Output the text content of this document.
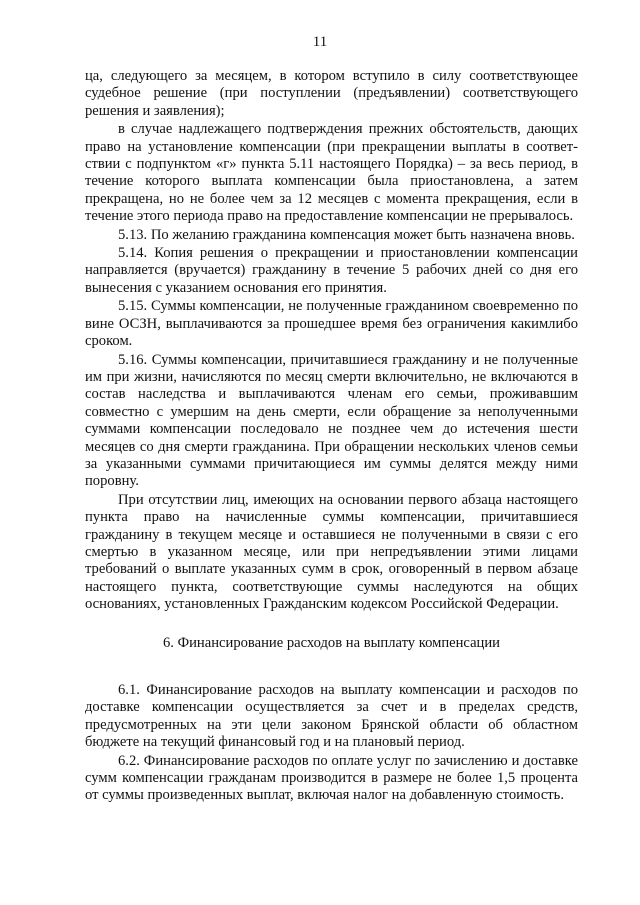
11

ца, следующего за месяцем, в котором вступило в силу соответствующее судебное решение (при поступлении (предъявлении) соответствующего решения и заявления);

в случае надлежащего подтверждения прежних обстоятельств, дающих право на установление компенсации (при прекращении выплаты в соответствии с подпунктом «г» пункта 5.11 настоящего Порядка) – за весь период, в течение которого выплата компенсации была приостановлена, а затем прекращена, но не более чем за 12 месяцев с момента прекращения, если в течение этого периода право на предоставление компенсации не прерывалось.

5.13. По желанию гражданина компенсация может быть назначена вновь.

5.14. Копия решения о прекращении и приостановлении компенсации направляется (вручается) гражданину в течение 5 рабочих дней со дня его вынесения с указанием основания его принятия.

5.15. Суммы компенсации, не полученные гражданином своевременно по вине ОСЗН, выплачиваются за прошедшее время без ограничения какимлибо сроком.

5.16. Суммы компенсации, причитавшиеся гражданину и не полученные им при жизни, начисляются по месяц смерти включительно, не включаются в состав наследства и выплачиваются членам его семьи, проживавшим совместно с умершим на день смерти, если обращение за неполученными суммами компенсации последовало не позднее чем до истечения шести месяцев со дня смерти гражданина. При обращении нескольких членов семьи за указанными суммами причитающиеся им суммы делятся между ними поровну.

При отсутствии лиц, имеющих на основании первого абзаца настоящего пункта право на начисленные суммы компенсации, причитавшиеся гражданину в текущем месяце и оставшиеся не полученными в связи с его смертью в указанном месяце, или при непредъявлении этими лицами требований о выплате указанных сумм в срок, оговоренный в первом абзаце настоящего пункта, соответствующие суммы наследуются на общих основаниях, установленных Гражданским кодексом Российской Федерации.

6. Финансирование расходов на выплату компенсации

6.1. Финансирование расходов на выплату компенсации и расходов по доставке компенсации осуществляется за счет и в пределах средств, предусмотренных на эти цели законом Брянской области об областном бюджете на текущий финансовый год и на плановый период.

6.2. Финансирование расходов по оплате услуг по зачислению и доставке сумм компенсации гражданам производится в размере не более 1,5 процента от суммы произведенных выплат, включая налог на добавленную стоимость.
